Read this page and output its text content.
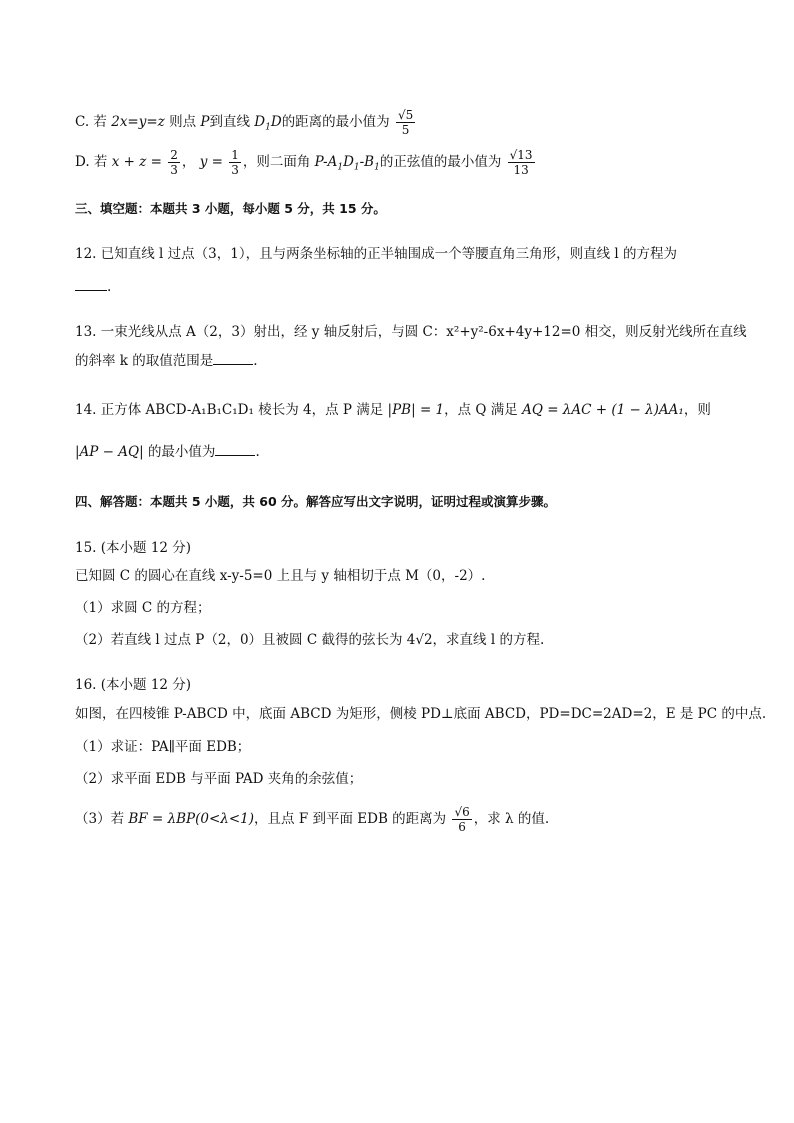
C. 若 2x=y=z 则点 P到直线 $D_1D$的距离的最小值为 $\frac{√5}{5}$
D. 若 $x + z = \frac{2}{3}$ ， $y = \frac{1}{3}$ ，则二面角 $P-A_1D_1-B_1$的正弦值的最小值为 $\frac{√13}{13}$
三、填空题：本题共 3 小题，每小题 5 分，共 15 分。
12. 已知直线 l 过点（3，1），且与两条坐标轴的正半轴围成一个等腰直角三角形，则直线 l 的方程为
.
13. 一束光线从点 A（2，3）射出，经 y 轴反射后，与圆 C：x²+y²-6x+4y+12=0 相交，则反射光线所在直线
的斜率 k 的取值范围是	.
14. 正方体 ABCD-A₁B₁C₁D₁ 棱长为 4，点 P 满足 |PB| = 1，点 Q 满足 AQ = λAC + (1 − λ)AA₁，则
|AP − AQ| 的最小值为	.
四、解答题：本题共 5 小题，共 60 分。解答应写出文字说明，证明过程或演算步骤。
15. (本小题 12 分)
已知圆 C 的圆心在直线 x-y-5=0 上且与 y 轴相切于点 M（0，-2）.
（1）求圆 C 的方程；
（2）若直线 l 过点 P（2，0）且被圆 C 截得的弦长为 4√2，求直线 l 的方程.
16. (本小题 12 分)
如图，在四棱锥 P-ABCD 中，底面 ABCD 为矩形，侧棱 PD⊥底面 ABCD，PD=DC=2AD=2，E 是 PC 的中点.
（1）求证：PA∥平面 EDB；
（2）求平面 EDB 与平面 PAD 夹角的余弦值；
（3）若 BF = λBP(0<λ<1)，且点 F 到平面 EDB 的距离为 $\frac{√6}{6}$ ，求 λ 的值.
